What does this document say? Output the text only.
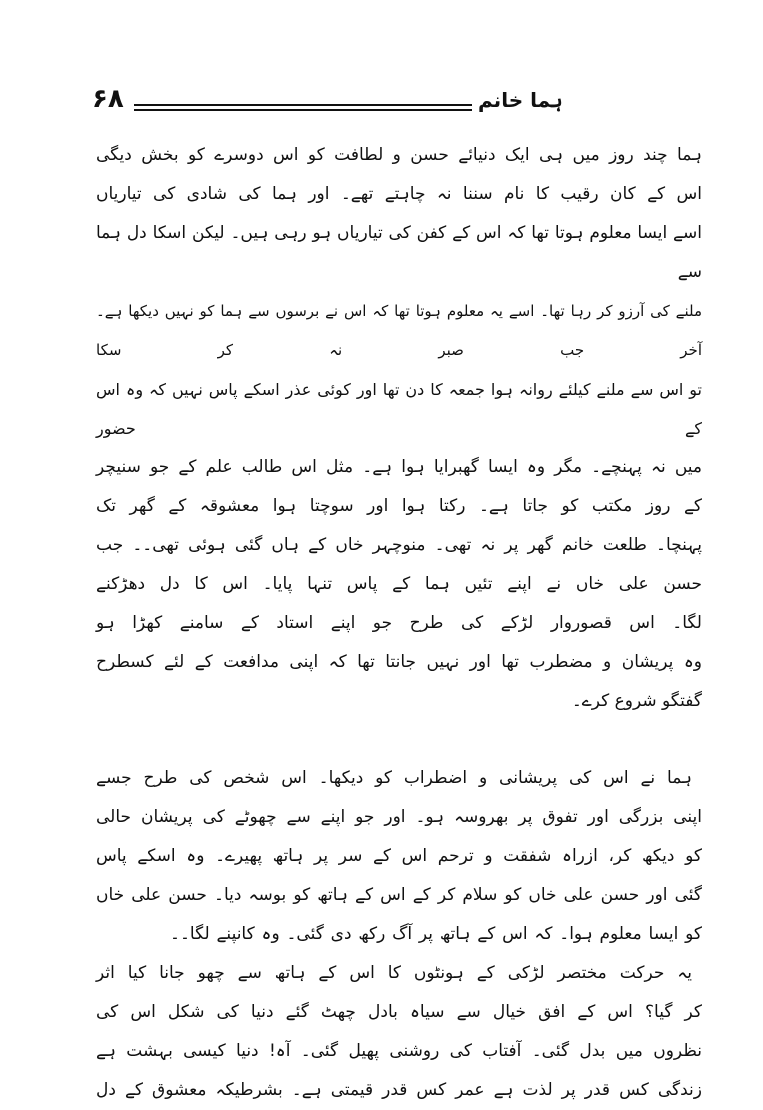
۶۸	ہما خانم
ہما چند روز میں ہی ایک دنیائے حسن و لطافت کو اس دوسرے کو بخش دیگی
اس کے کان رقیب کا نام سننا نہ چاہتے تھے۔ اور ہما کی شادی کی تیاریاں
اسے ایسا معلوم ہوتا تھا کہ اس کے کفن کی تیاریاں ہو رہی ہیں۔ لیکن اسکا دل ہما سے
ملنے کی آرزو کر رہا تھا۔ اسے یہ معلوم ہوتا تھا کہ اس نے برسوں سے ہما کو نہیں دیکھا ہے۔ آخر جب صبر نہ کر سکا
تو اس سے ملنے کیلئے روانہ ہوا جمعہ کا دن تھا اور کوئی عذر اسکے پاس نہیں کہ وہ اس کے حضور
میں نہ پہنچے۔ مگر وہ ایسا گھبرایا ہوا ہے۔ مثل اس طالب علم کے جو سنیچر
کے روز مکتب کو جاتا ہے۔ رکتا ہوا اور سوچتا ہوا معشوقہ کے گھر تک
پہنچا۔ طلعت خانم گھر پر نہ تھی۔ منوچہر خاں کے ہاں گئی ہوئی تھی۔۔ جب
حسن علی خاں نے اپنے تئیں ہما کے پاس تنہا پایا۔ اس کا دل دھڑکنے
لگا۔ اس قصوروار لڑکے کی طرح جو اپنے استاد کے سامنے کھڑا ہو
وہ پریشان و مضطرب تھا اور نہیں جانتا تھا کہ اپنی مدافعت کے لئے کسطرح
گفتگو شروع کرے۔
ہما نے اس کی پریشانی و اضطراب کو دیکھا۔ اس شخص کی طرح جسے
اپنی بزرگی اور تفوق پر بھروسہ ہو۔ اور جو اپنے سے چھوٹے کی پریشان حالی
کو دیکھ کر، ازراہ شفقت و ترحم اس کے سر پر ہاتھ پھیرے۔ وہ اسکے پاس
گئی اور حسن علی خاں کو سلام کر کے اس کے ہاتھ کو بوسہ دیا۔ حسن علی خاں
کو ایسا معلوم ہوا۔ کہ اس کے ہاتھ پر آگ رکھ دی گئی۔ وہ کانپنے لگا۔۔
یہ حرکت مختصر لڑکی کے ہونٹوں کا اس کے ہاتھ سے چھو جانا کیا اثر
کر گیا؟ اس کے افق خیال سے سیاہ بادل چھٹ گئے دنیا کی شکل اس کی
نظروں میں بدل گئی۔ آفتاب کی روشنی پھیل گئی۔ آہ! دنیا کیسی بہشت ہے
زندگی کس قدر پر لذت ہے عمر کس قدر قیمتی ہے۔ بشرطیکہ معشوق کے دل
